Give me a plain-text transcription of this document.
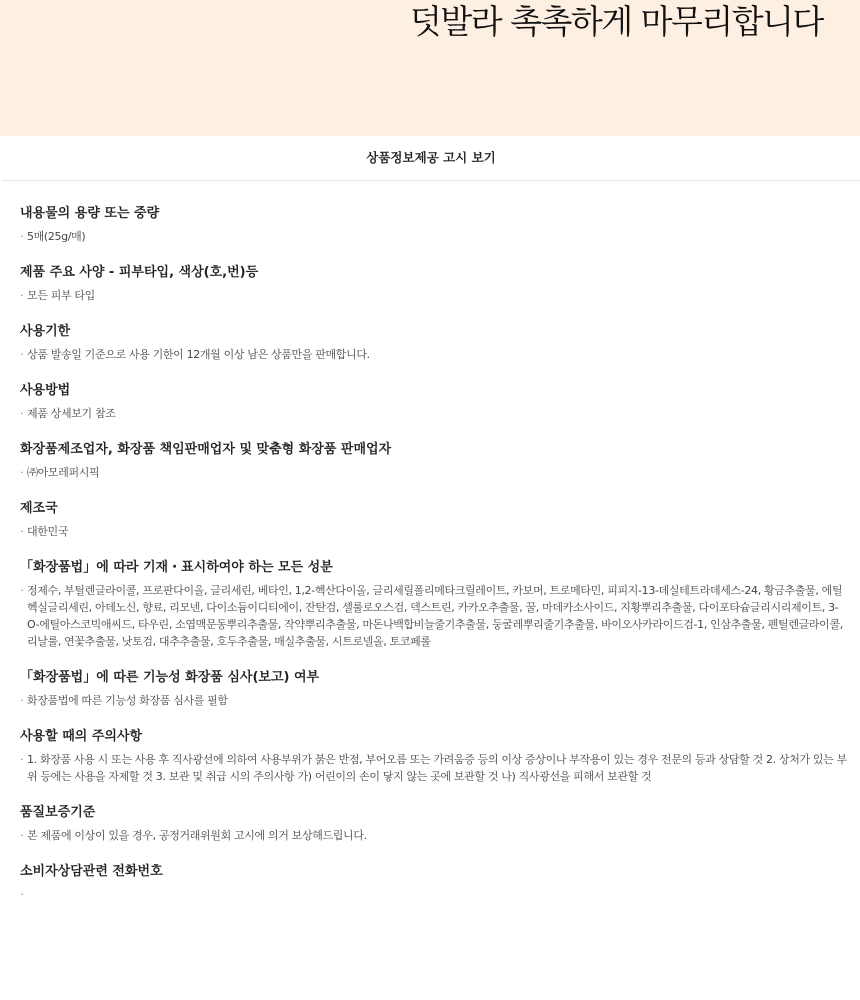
덧발라 촉촉하게 마무리합니다
상품정보제공 고시 보기
내용물의 용량 또는 중량
· 5매(25g/매)
제품 주요 사양 - 피부타입, 색상(호,번)등
· 모든 피부 타입
사용기한
· 상품 발송일 기준으로 사용 기한이 12개월 이상 남은 상품만을 판매합니다.
사용방법
· 제품 상세보기 참조
화장품제조업자, 화장품 책임판매업자 및 맞춤형 화장품 판매업자
· ㈜아모레퍼시픽
제조국
· 대한민국
「화장품법」에 따라 기재・표시하여야 하는 모든 성분
· 정제수, 부틸렌글라이콜, 프로판다이올, 글리세린, 베타인, 1,2-헥산다이올, 글리세릴폴리메타크릴레이트, 카보머, 트로메타민, 피피지-13-데실테트라데세스-24, 황금추출물, 에틸헥실글리세린, 아데노신, 향료, 리모넨, 다이소듐이디티에이, 잔탄검, 셀룰로오스검, 덱스트린, 카카오추출물, 꿀, 마데카소사이드, 지황뿌리추출물, 다이포타슘글리시리제이트, 3-O-에틸아스코빅애씨드, 타우린, 소엽맥문동뿌리추출물, 작약뿌리추출물, 마돈나백합비늘줄기추출물, 둥굴레뿌리줄기추출물, 바이오사카라이드검-1, 인삼추출물, 펜틸렌글라이콜, 리날룰, 연꽃추출물, 낫토검, 대추추출물, 호두추출물, 매실추출물, 시트로넬올, 토코페롤
「화장품법」에 따른 기능성 화장품 심사(보고) 여부
· 화장품법에 따른 기능성 화장품 심사를 필함
사용할 때의 주의사항
· 1. 화장품 사용 시 또는 사용 후 직사광선에 의하여 사용부위가 붉은 반점, 부어오름 또는 가려움증 등의 이상 증상이나 부작용이 있는 경우 전문의 등과 상담할 것 2. 상처가 있는 부위 등에는 사용을 자제할 것 3. 보관 및 취급 시의 주의사항 가) 어린이의 손이 닿지 않는 곳에 보관할 것 나) 직사광선을 피해서 보관할 것
품질보증기준
· 본 제품에 이상이 있을 경우, 공정거래위원회 고시에 의거 보상해드립니다.
소비자상담관련 전화번호
·
